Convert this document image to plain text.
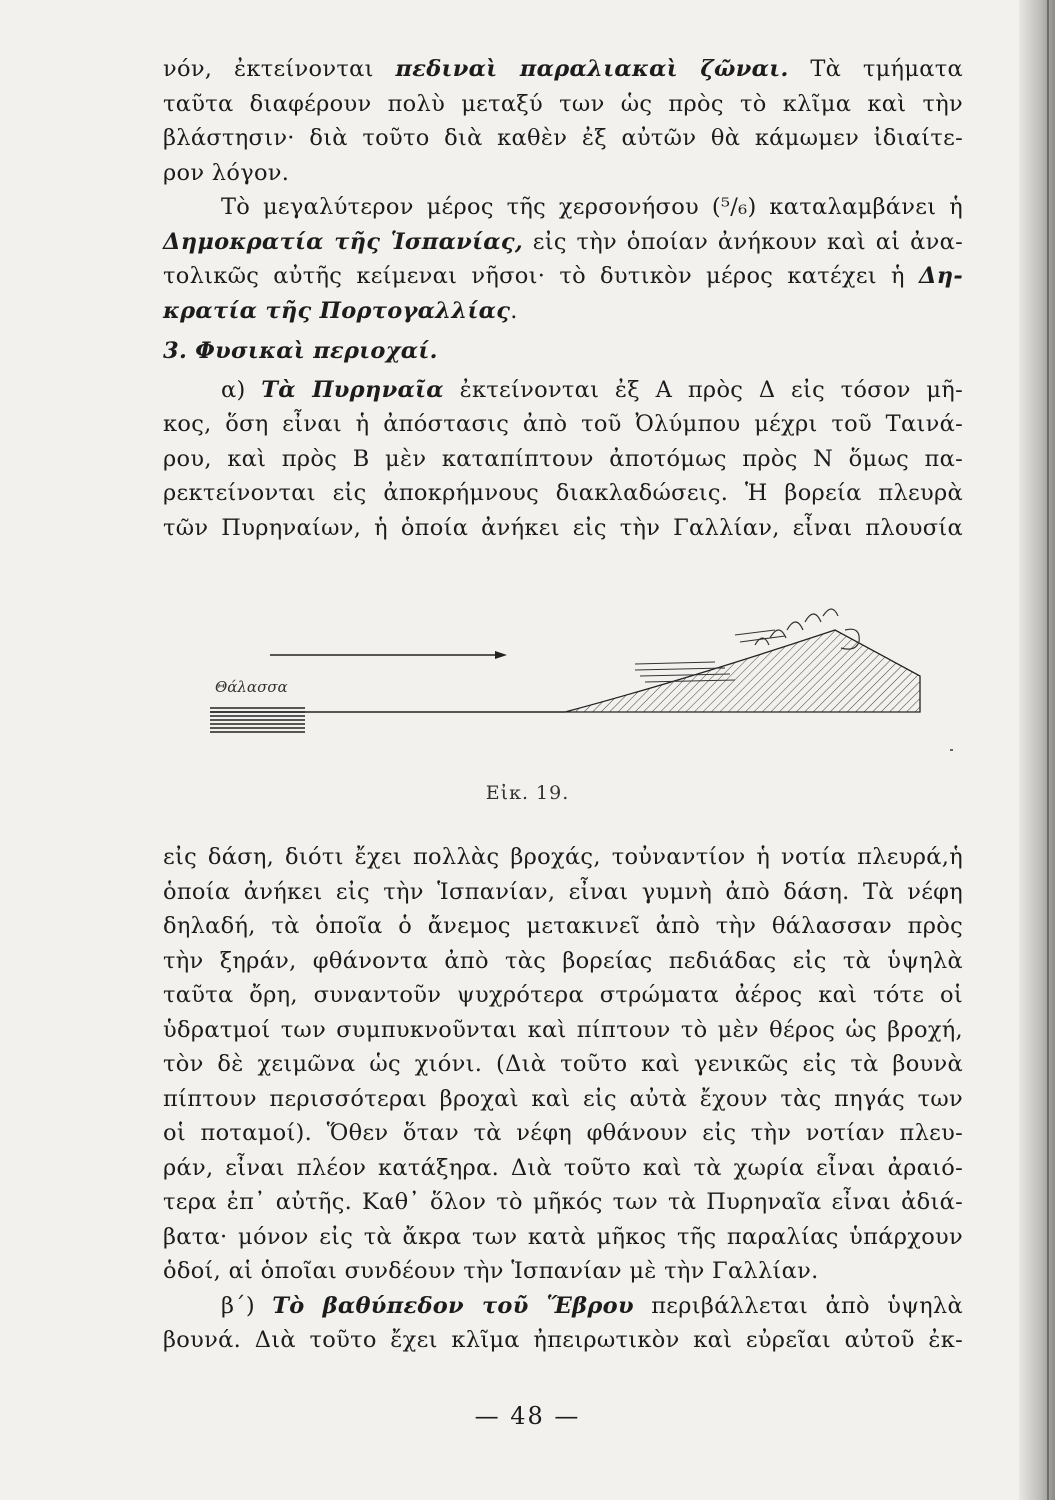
νόν, ἐκτείνονται πεδιναὶ παραλιακαὶ ζῶναι. Τὰ τμήματα
ταῦτα διαφέρουν πολὺ μεταξύ των ὡς πρὸς τὸ κλῖμα καὶ τὴν
βλάστησιν· διὰ τοῦτο διὰ καθὲν ἐξ αὐτῶν θὰ κάμωμεν ἰδιαίτε-
ρον λόγον.
Τὸ μεγαλύτερον μέρος τῆς χερσονήσου (⁵/₆) καταλαμβάνει ἡ
Δημοκρατία τῆς Ἱσπανίας, εἰς τὴν ὁποίαν ἀνήκουν καὶ αἱ ἀνα-
τολικῶς αὐτῆς κείμεναι νῆσοι· τὸ δυτικὸν μέρος κατέχει ἡ Δη-
κρατία τῆς Πορτογαλλίας.
3. Φυσικαὶ περιοχαί.
α) Τὰ Πυρηναῖα ἐκτείνονται ἐξ Α πρὸς Δ εἰς τόσον μῆ-
κος, ὅση εἶναι ἡ ἀπόστασις ἀπὸ τοῦ Ὀλύμπου μέχρι τοῦ Ταινά-
ρου, καὶ πρὸς Β μὲν καταπίπτουν ἀποτόμως πρὸς Ν ὅμως πα-
ρεκτείνονται εἰς ἀποκρήμνους διακλαδώσεις. Ἡ βορεία πλευρὰ
τῶν Πυρηναίων, ἡ ὁποία ἀνήκει εἰς τὴν Γαλλίαν, εἶναι πλουσία
Θάλασσα
Εἰκ. 19.
εἰς δάση, διότι ἔχει πολλὰς βροχάς, τοὐναντίον ἡ νοτία πλευρά,ἡ
ὁποία ἀνήκει εἰς τὴν Ἱσπανίαν, εἶναι γυμνὴ ἀπὸ δάση. Τὰ νέφη
δηλαδή, τὰ ὁποῖα ὁ ἄνεμος μετακινεῖ ἀπὸ τὴν θάλασσαν πρὸς
τὴν ξηράν, φθάνοντα ἀπὸ τὰς βορείας πεδιάδας εἰς τὰ ὑψηλὰ
ταῦτα ὄρη, συναντοῦν ψυχρότερα στρώματα ἀέρος καὶ τότε οἱ
ὑδρατμοί των συμπυκνοῦνται καὶ πίπτουν τὸ μὲν θέρος ὡς βροχή,
τὸν δὲ χειμῶνα ὡς χιόνι. (Διὰ τοῦτο καὶ γενικῶς εἰς τὰ βουνὰ
πίπτουν περισσότεραι βροχαὶ καὶ εἰς αὐτὰ ἔχουν τὰς πηγάς των
οἱ ποταμοί). Ὅθεν ὅταν τὰ νέφη φθάνουν εἰς τὴν νοτίαν πλευ-
ράν, εἶναι πλέον κατάξηρα. Διὰ τοῦτο καὶ τὰ χωρία εἶναι ἀραιό-
τερα ἐπ᾽ αὐτῆς. Καθ᾽ ὅλον τὸ μῆκός των τὰ Πυρηναῖα εἶναι ἀδιά-
βατα· μόνον εἰς τὰ ἄκρα των κατὰ μῆκος τῆς παραλίας ὑπάρχουν
ὁδοί, αἱ ὁποῖαι συνδέουν τὴν Ἱσπανίαν μὲ τὴν Γαλλίαν.
β΄) Τὸ βαθύπεδον τοῦ Ἕβρου περιβάλλεται ἀπὸ ὑψηλὰ
βουνά. Διὰ τοῦτο ἔχει κλῖμα ἠπειρωτικὸν καὶ εὐρεῖαι αὐτοῦ ἐκ-
— 48 —
